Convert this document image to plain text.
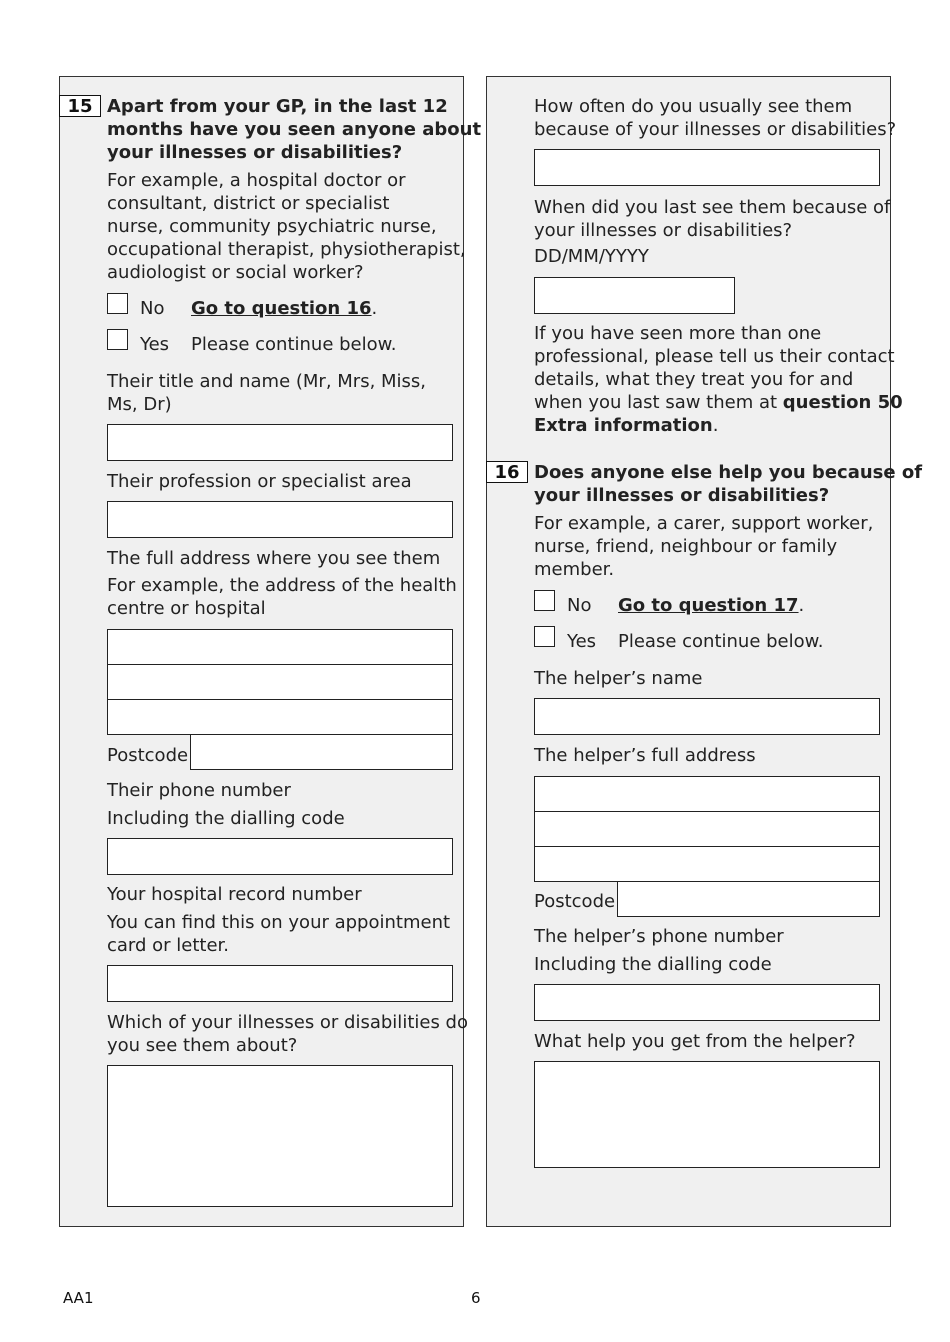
15 Apart from your GP, in the last 12
months have you seen anyone about
your illnesses or disabilities?
For example, a hospital doctor or
consultant, district or specialist
nurse, community psychiatric nurse,
occupational therapist, physiotherapist,
audiologist or social worker?
No Go to question 16.
Yes Please continue below.
Their title and name (Mr, Mrs, Miss,
Ms, Dr)
Their profession or specialist area
The full address where you see them
For example, the address of the health
centre or hospital
Postcode
Their phone number
Including the dialling code
Your hospital record number
You can find this on your appointment
card or letter.
Which of your illnesses or disabilities do
you see them about?
How often do you usually see them
because of your illnesses or disabilities?
When did you last see them because of
your illnesses or disabilities?
DD/MM/YYYY
If you have seen more than one
professional, please tell us their contact
details, what they treat you for and
when you last saw them at question 50
Extra information.
16 Does anyone else help you because of
your illnesses or disabilities?
For example, a carer, support worker,
nurse, friend, neighbour or family
member.
No Go to question 17.
Yes Please continue below.
The helper’s name
The helper’s full address
Postcode
The helper’s phone number
Including the dialling code
What help you get from the helper?
AA1	6
